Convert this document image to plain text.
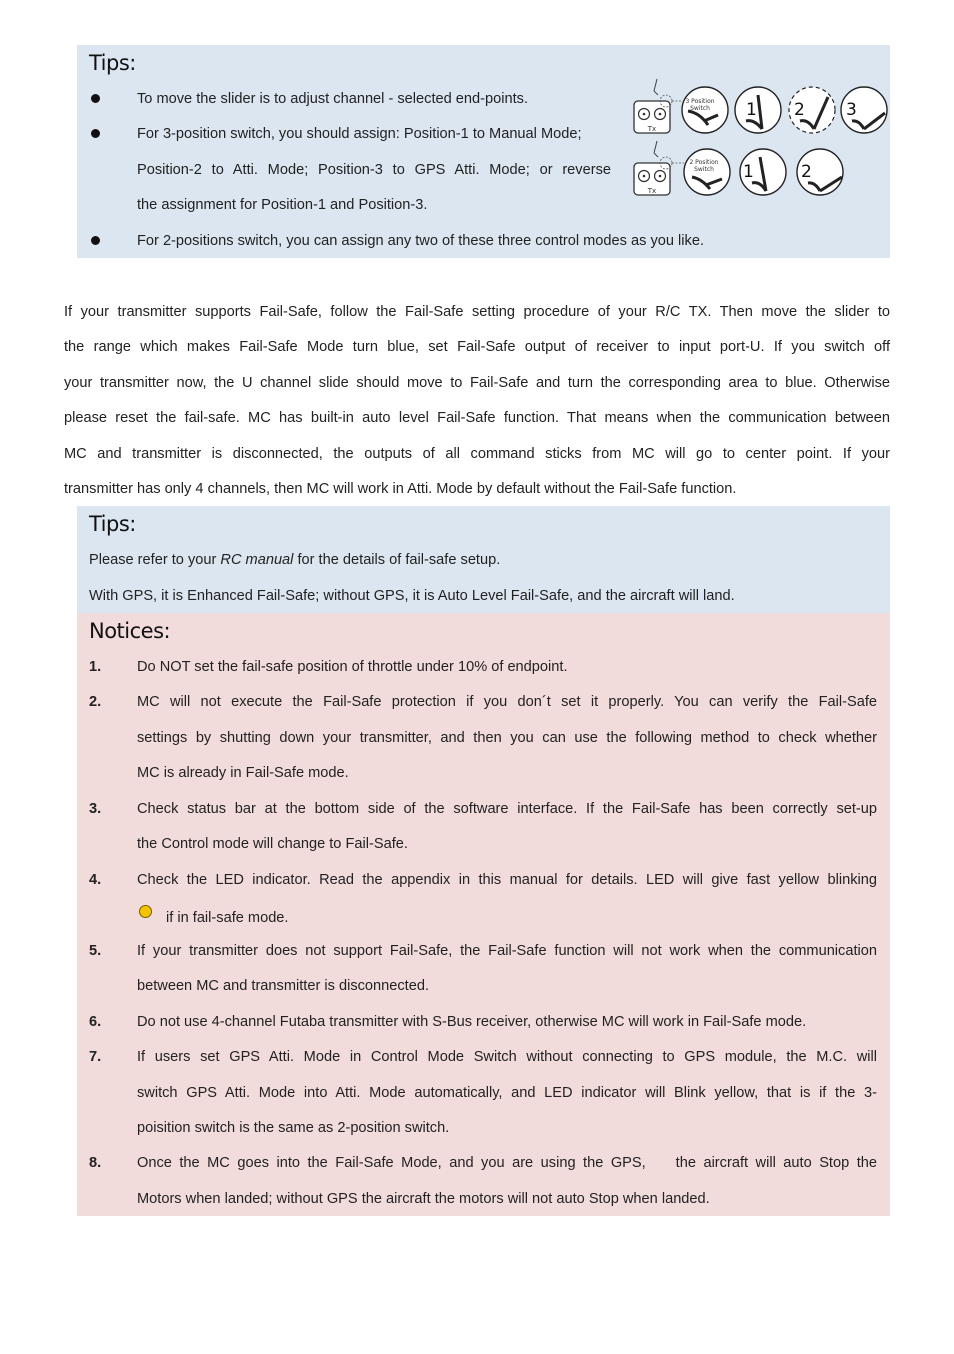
Tips:
To move the slider is to adjust channel - selected end-points.
For 3-position switch, you should assign: Position-1 to Manual Mode;
Position-2 to Atti. Mode; Position-3 to GPS Atti. Mode; or reverse
the assignment for Position-1 and Position-3.
For 2-positions switch, you can assign any two of these three control modes as you like.
Tx
3 Position
Switch 1 2 3
Tx
2 Position
Switch 1	2
If your transmitter supports Fail-Safe, follow the Fail-Safe setting procedure of your R/C TX. Then move the slider to
the range which makes Fail-Safe Mode turn blue, set Fail-Safe output of receiver to input port-U. If you switch off
your transmitter now, the U channel slide should move to Fail-Safe and turn the corresponding area to blue. Otherwise
please reset the fail-safe. MC has built-in auto level Fail-Safe function. That means when the communication between
MC and transmitter is disconnected, the outputs of all command sticks from MC will go to center point. If your
transmitter has only 4 channels, then MC will work in Atti. Mode by default without the Fail-Safe function.
Tips:
Please refer to your RC manual for the details of fail-safe setup.
With GPS, it is Enhanced Fail-Safe; without GPS, it is Auto Level Fail-Safe, and the aircraft will land.
Notices:
1. Do NOT set the fail-safe position of throttle under 10% of endpoint.
2. MC will not execute the Fail-Safe protection if you don´t set it properly. You can verify the Fail-Safe
settings by shutting down your transmitter, and then you can use the following method to check whether
MC is already in Fail-Safe mode.
3. Check status bar at the bottom side of the software interface. If the Fail-Safe has been correctly set-up
the Control mode will change to Fail-Safe.
4. Check the LED indicator. Read the appendix in this manual for details. LED will give fast yellow blinking
if in fail-safe mode.
5. If your transmitter does not support Fail-Safe, the Fail-Safe function will not work when the communication
between MC and transmitter is disconnected.
6. Do not use 4-channel Futaba transmitter with S-Bus receiver, otherwise MC will work in Fail-Safe mode.
7. If users set GPS Atti. Mode in Control Mode Switch without connecting to GPS module, the M.C. will
switch GPS Atti. Mode into Atti. Mode automatically, and LED indicator will Blink yellow, that is if the 3-
poisition switch is the same as 2-position switch.
8. Once the MC goes into the Fail-Safe Mode, and you are using the GPS,    the aircraft will auto Stop the
Motors when landed; without GPS the aircraft the motors will not auto Stop when landed.
